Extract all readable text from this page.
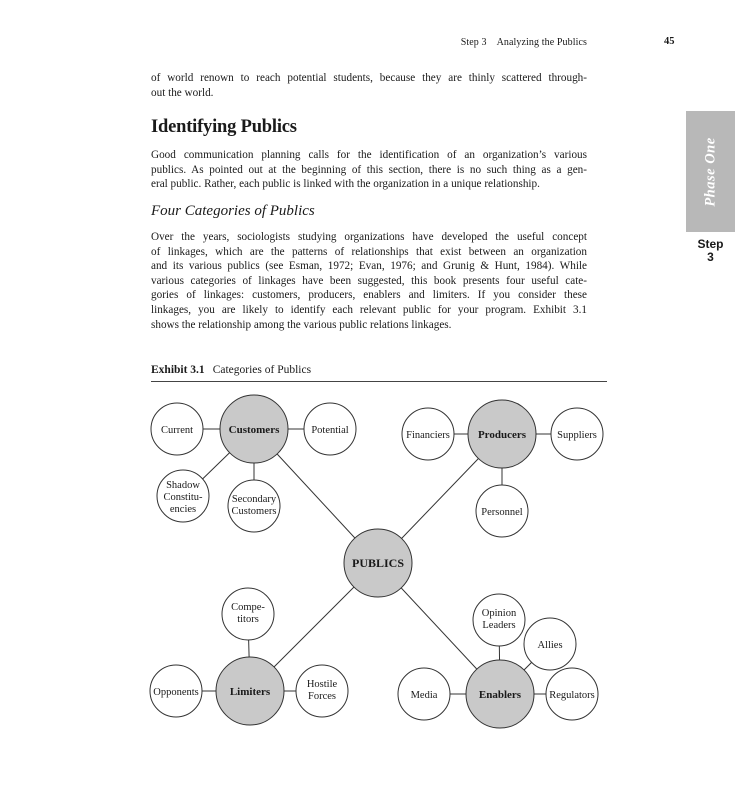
Step 3 Analyzing the Publics	45
Phase One
Step
3
of world renown to reach potential students, because they are thinly scattered through-
out the world.
Identifying Publics
Good communication planning calls for the identification of an organization’s various
publics. As pointed out at the beginning of this section, there is no such thing as a gen-
eral public. Rather, each public is linked with the organization in a unique relationship.
Four Categories of Publics
Over the years, sociologists studying organizations have developed the useful concept
of linkages, which are the patterns of relationships that exist between an organization
and its various publics (see Esman, 1972; Evan, 1976; and Grunig & Hunt, 1984). While
various categories of linkages have been suggested, this book presents four useful cate-
gories of linkages: customers, producers, enablers and limiters. If you consider these
linkages, you are likely to identify each relevant public for your program. Exhibit 3.1
shows the relationship among the various public relations linkages.
Exhibit 3.1 Categories of Publics
PUBLICS
Customers	Producers
Limiters	Enablers
Current	Potential
Shadow
Constitu-
encies
Secondary
Customers
Financiers	Suppliers
Personnel
Compe-
titors
Opponents
Hostile
Forces
Opinion
Leaders
Allies
Media	Regulators
